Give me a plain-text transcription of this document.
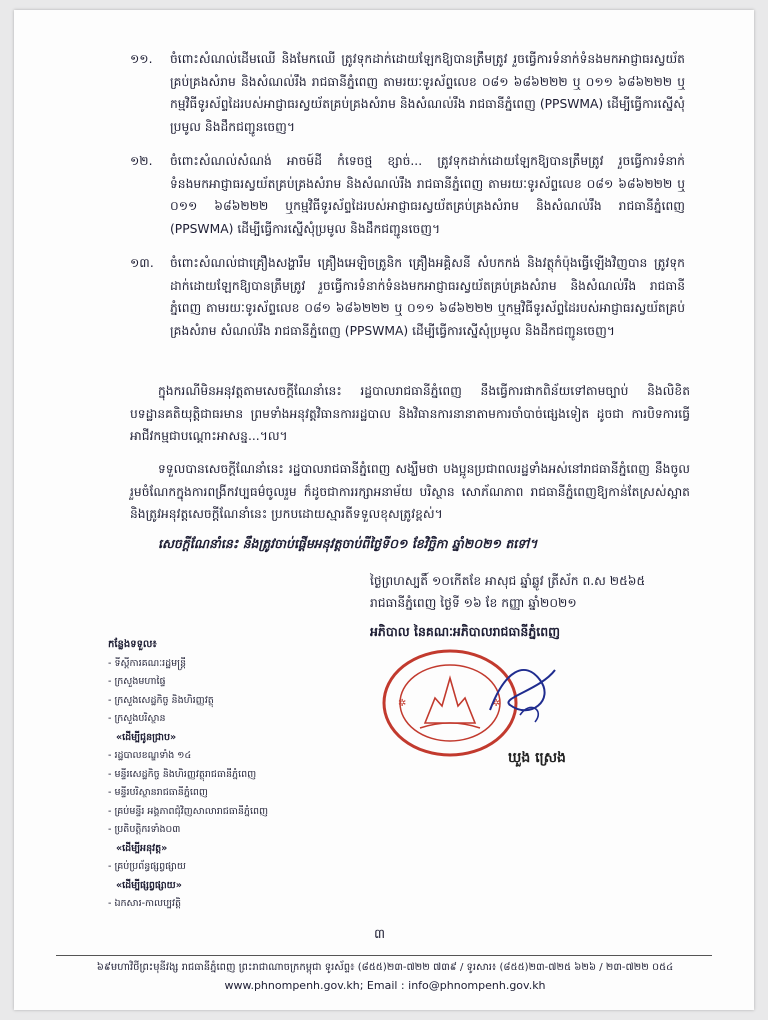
១១. ចំពោះសំណល់ដើមឈើ និងមែកឈើ ត្រូវទុកដាក់ដោយឡែកឱ្យបានត្រឹមត្រូវ រួចធ្វើការទំនាក់ទំនងមកអាជ្ញាធរស្វយ័តគ្រប់គ្រងសំរាម និងសំណល់រឹង រាជធានីភ្នំពេញ តាមរយៈទូរស័ព្ទលេខ ០៨១ ៦៨៦២២២ ឬ ០១១ ៦៨៦២២២ ឬកម្មវិធីទូរស័ព្ទដៃរបស់អាជ្ញាធរស្វយ័តគ្រប់គ្រងសំរាម និងសំណល់រឹង រាជធានីភ្នំពេញ (PPSWMA) ដើម្បីធ្វើការស្នើសុំប្រមូល និងដឹកជញ្ជូនចេញ។
១២. ចំពោះសំណល់សំណង់ អាចម៍ដី កំទេចថ្ម ខ្សាច់... ត្រូវទុកដាក់ដោយឡែកឱ្យបានត្រឹមត្រូវ រួចធ្វើការទំនាក់ទំនងមកអាជ្ញាធរស្វយ័តគ្រប់គ្រងសំរាម និងសំណល់រឹង រាជធានីភ្នំពេញ តាមរយៈទូរស័ព្ទលេខ ០៨១ ៦៨៦២២២ ឬ ០១១ ៦៨៦២២២ ឬកម្មវិធីទូរស័ព្ទដៃរបស់អាជ្ញាធរស្វយ័តគ្រប់គ្រងសំរាម និងសំណល់រឹង រាជធានីភ្នំពេញ (PPSWMA) ដើម្បីធ្វើការស្នើសុំប្រមូល និងដឹកជញ្ជូនចេញ។
១៣. ចំពោះសំណល់ជាគ្រឿងសង្ហារឹម គ្រឿងអេឡិចត្រូនិក គ្រឿងអគ្គិសនី សំបកកង់ និងវត្ថុកំប៉ុងធ្វើឡើងវិញបាន ត្រូវទុកដាក់ដោយឡែកឱ្យបានត្រឹមត្រូវ រួចធ្វើការទំនាក់ទំនងមកអាជ្ញាធរស្វយ័តគ្រប់គ្រងសំរាម និងសំណល់រឹង រាជធានីភ្នំពេញ តាមរយៈទូរស័ព្ទលេខ ០៨១ ៦៨៦២២២ ឬ ០១១ ៦៨៦២២២ ឬកម្មវិធីទូរស័ព្ទដៃរបស់អាជ្ញាធរស្វយ័តគ្រប់គ្រងសំរាម សំណល់រឹង រាជធានីភ្នំពេញ (PPSWMA) ដើម្បីធ្វើការស្នើសុំប្រមូល និងដឹកជញ្ជូនចេញ។
ក្នុងករណីមិនអនុវត្តតាមសេចក្តីណែនាំនេះ រដ្ឋបាលរាជធានីភ្នំពេញ នឹងធ្វើការផាកពិន័យទៅតាមច្បាប់ និងលិខិតបទដ្ឋានគតិយុត្តិជាធរមាន ព្រមទាំងអនុវត្តវិធានការរដ្ឋបាល និងវិធានការនានាតាមការចាំបាច់ផ្សេងទៀត ដូចជា ការបិទការធ្វើអាជីវកម្មជាបណ្តោះអាសន្ន...។ល។
ទទួលបានសេចក្តីណែនាំនេះ រដ្ឋបាលរាជធានីភ្នំពេញ សង្ឃឹមថា បងប្អូនប្រជាពលរដ្ឋទាំងអស់នៅរាជធានីភ្នំពេញ នឹងចូលរួមចំណែកក្នុងការពង្រីកវប្បធម៌ចូលរួម ក៏ដូចជាការរក្សាអនាម័យ បរិស្ថាន សោភ័ណភាព រាជធានីភ្នំពេញឱ្យកាន់តែស្រស់ស្អាត និងត្រូវអនុវត្តសេចក្តីណែនាំនេះ ប្រកបដោយស្មារតីទទួលខុសត្រូវខ្ពស់។
សេចក្តីណែនាំនេះ នឹងត្រូវចាប់ផ្តើមអនុវត្តចាប់ពីថ្ងៃទី០១ ខែវិច្ឆិកា ឆ្នាំ២០២១ តទៅ។
ថ្ងៃព្រហស្បតិ៍ ១០កើតខែ អាសុជ ឆ្នាំឆ្លូវ ត្រីស័ក ព.ស ២៥៦៥
រាជធានីភ្នំពេញ ថ្ងៃទី ១៦ ខែ កញ្ញា ឆ្នាំ២០២១
អភិបាល នៃគណៈអភិបាលរាជធានីភ្នំពេញ
✲	✲
ឃួង ស្រេង
កន្លែងទទួល៖
- ទីស្តីការគណៈរដ្ឋមន្ត្រី
- ក្រសួងមហាផ្ទៃ
- ក្រសួងសេដ្ឋកិច្ច និងហិរញ្ញវត្ថុ
- ក្រសួងបរិស្ថាន
«ដើម្បីជូនជ្រាប»
- រដ្ឋបាលខណ្ឌទាំង ១៤
- មន្ទីរសេដ្ឋកិច្ច និងហិរញ្ញវត្ថុរាជធានីភ្នំពេញ
- មន្ទីរបរិស្ថានរាជធានីភ្នំពេញ
- គ្រប់មន្ទីរ អង្គភាពជុំវិញសាលារាជធានីភ្នំពេញ
- ប្រតិបត្តិករទាំង០៣
«ដើម្បីអនុវត្ត»
- គ្រប់ប្រព័ន្ធផ្សព្វផ្សាយ
«ដើម្បីផ្សព្វផ្សាយ»
- ឯកសារ-កាលប្បវត្តិ
៣
៦៩មហាវិថីព្រះមុនីវង្ស រាជធានីភ្នំពេញ ព្រះរាជាណាចក្រកម្ពុជា ទូរស័ព្ទ៖ (៨៥៥)២៣-៧២២ ៧៣៩ / ទូរសារ៖ (៨៥៥)២៣-៧២៥ ៦២៦ / ២៣-៧២២ ០៥៤
www.phnompenh.gov.kh; Email : info@phnompenh.gov.kh
